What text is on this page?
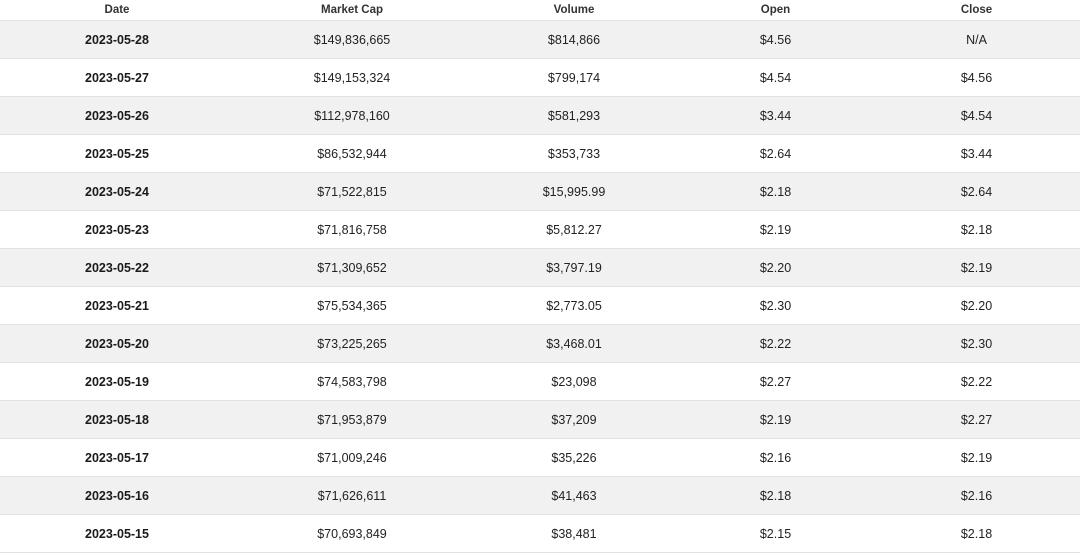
Date	Market Cap	Volume	Open	Close
2023-05-28	$149,836,665	$814,866	$4.56	N/A
2023-05-27	$149,153,324	$799,174	$4.54	$4.56
2023-05-26	$112,978,160	$581,293	$3.44	$4.54
2023-05-25	$86,532,944	$353,733	$2.64	$3.44
2023-05-24	$71,522,815	$15,995.99	$2.18	$2.64
2023-05-23	$71,816,758	$5,812.27	$2.19	$2.18
2023-05-22	$71,309,652	$3,797.19	$2.20	$2.19
2023-05-21	$75,534,365	$2,773.05	$2.30	$2.20
2023-05-20	$73,225,265	$3,468.01	$2.22	$2.30
2023-05-19	$74,583,798	$23,098	$2.27	$2.22
2023-05-18	$71,953,879	$37,209	$2.19	$2.27
2023-05-17	$71,009,246	$35,226	$2.16	$2.19
2023-05-16	$71,626,611	$41,463	$2.18	$2.16
2023-05-15	$70,693,849	$38,481	$2.15	$2.18
